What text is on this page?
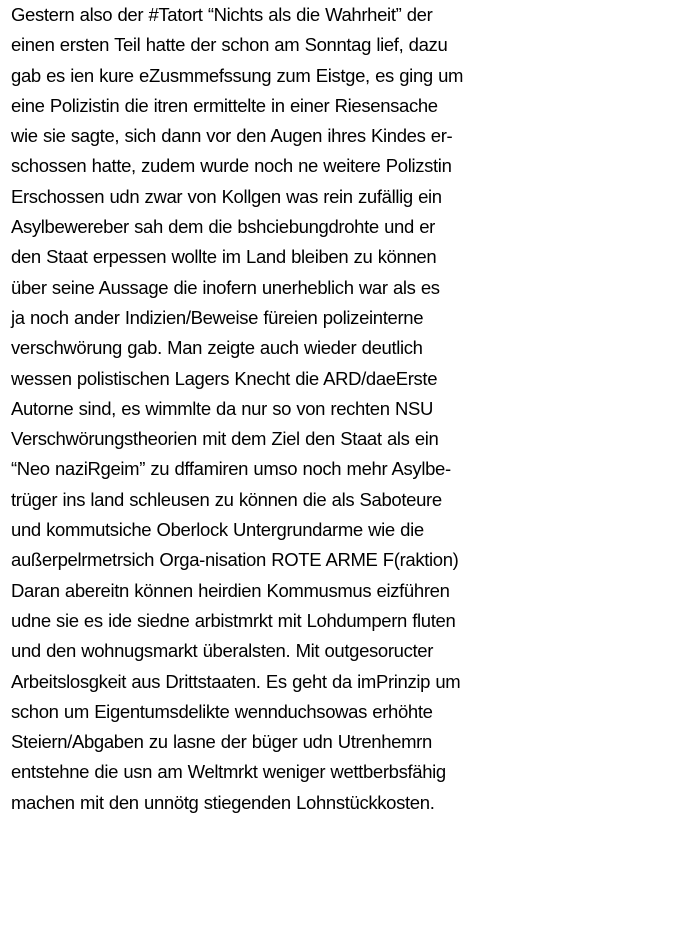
Gestern also der #Tatort “Nichts als die Wahrheit” der
einen ersten Teil hatte der schon am Sonntag lief, dazu
gab es ien kure eZusmmefssung zum Eistge, es ging um
eine Polizistin die itren ermittelte in einer Riesensache
wie sie sagte, sich dann vor den Augen ihres Kindes er-
schossen hatte, zudem wurde noch ne weitere Polizstin
Erschossen udn zwar von Kollgen was rein zufällig ein
Asylbewereber sah dem die bshciebungdrohte und er
den Staat erpessen wollte im Land bleiben zu können
über seine Aussage die inofern unerheblich war als es
ja noch ander Indizien/Beweise füreien polizeinterne
verschwörung gab. Man zeigte auch wieder deutlich
wessen polistischen Lagers Knecht die ARD/daeErste
Autorne sind, es wimmlte da nur so von rechten NSU
Verschwörungstheorien mit dem Ziel den Staat als ein
“Neo naziRgeim” zu dffamiren umso noch mehr Asylbe-
trüger ins land schleusen zu können die als Saboteure
und kommutsiche Oberlock Untergrundarme wie die
außerpelrmetrsich Orga-nisation ROTE ARME F(raktion)
Daran abereitn können heirdien Kommusmus eizführen
udne sie es ide siedne arbistmrkt mit Lohdumpern fluten
und den wohnugsmarkt überalsten. Mit outgesoructer
Arbeitslosgkeit aus Drittstaaten. Es geht da imPrinzip um
schon um Eigentumsdelikte wennduchsowas erhöhte
Steiern/Abgaben zu lasne der büger udn Utrenhemrn
entstehne die usn am Weltmrkt weniger wettberbsfähig
machen mit den unnötg stiegenden Lohnstückkosten.
